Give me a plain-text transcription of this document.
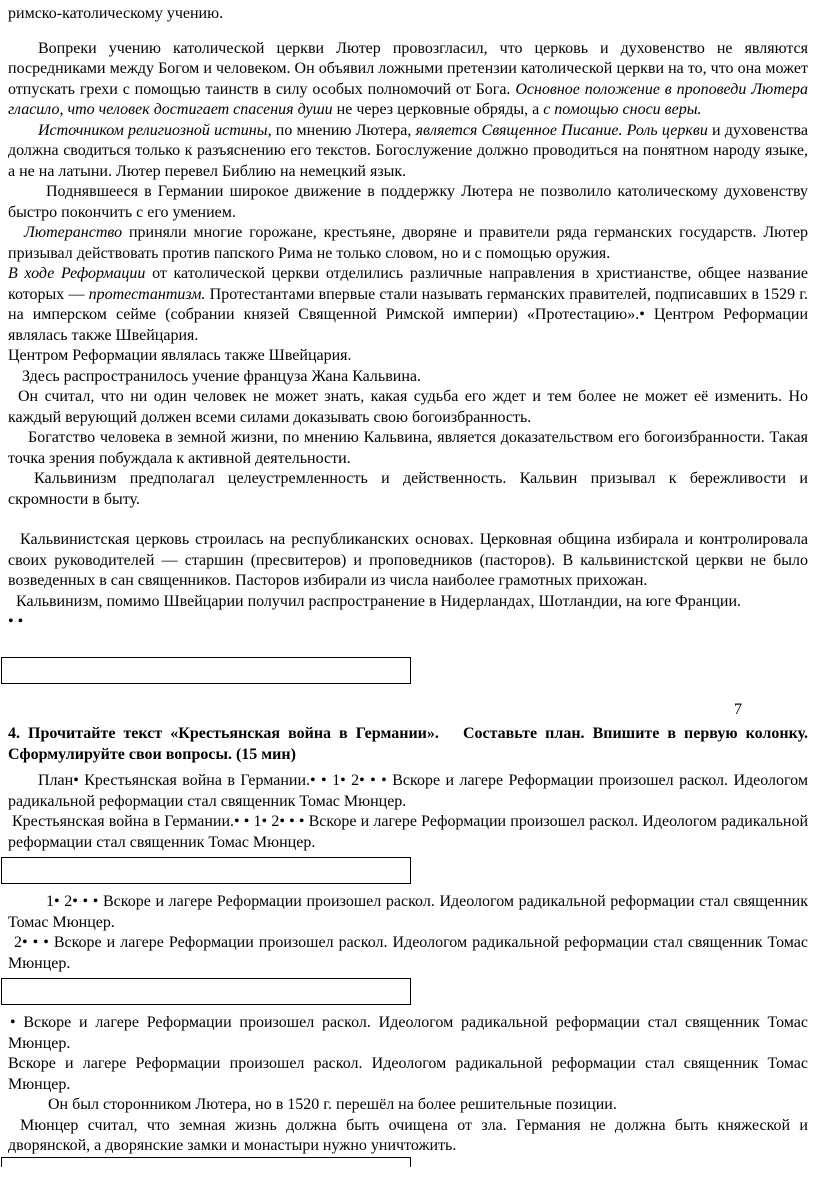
римско-католическому учению.
Вопреки учению католической церкви Лютер провозгласил, что церковь и духовенство не являются посредниками между Богом и человеком. Он объявил ложными претензии католической церкви на то, что она может отпускать грехи с помощью таинств в силу особых полномочий от Бога. Основное положение в проповеди Лютера гласило, что человек достигает спасения души не через церковные обряды, а с помощью сноси веры.
Источником религиозной истины, по мнению Лютера, является Священное Писание. Роль церкви и духовенства должна сводиться только к разъяснению его текстов. Богослужение должно проводиться на понятном народу языке, а не на латыни. Лютер перевел Библию на немецкий язык.
Поднявшееся в Германии широкое движение в поддержку Лютера не позволило католическому духовенству быстро покончить с его умением.
Лютеранство приняли многие горожане, крестьяне, дворяне и правители ряда германских государств. Лютер призывал действовать против папского Рима не только словом, но и с помощью оружия.
В ходе Реформации от католической церкви отделились различные направления в христианстве, общее название которых — протестантизм. Протестантами впервые стали называть германских правителей, подписавших в 1529 г. на имперском сейме (собрании князей Священной Римской империи) «Протестацию».• Центром Реформации являлась также Швейцария.
Центром Реформации являлась также Швейцария.
Здесь распространилось учение француза Жана Кальвина.
Он считал, что ни один человек не может знать, какая судьба его ждет и тем более не может её изменить. Но каждый верующий должен всеми силами доказывать свою богоизбранность.
Богатство человека в земной жизни, по мнению Кальвина, является доказательством его богоизбранности. Такая точка зрения побуждала к активной деятельности.
Кальвинизм предполагал целеустремленность и действенность. Кальвин призывал к бережливости и скромности в быту.
Кальвинистская церковь строилась на республиканских основах. Церковная община избирала и контролировала своих руководителей — старшин (пресвитеров) и проповедников (пасторов). В кальвинистской церкви не было возведенных в сан священников. Пасторов избирали из числа наиболее грамотных прихожан.
Кальвинизм, помимо Швейцарии получил распространение в Нидерландах, Шотландии, на юге Франции.
• •
7
4. Прочитайте текст «Крестьянская война в Германии».   Составьте план. Впишите в первую колонку. Сформулируйте свои вопросы. (15 мин)
План• Крестьянская война в Германии.• • 1• 2• • • Вскоре и лагере Реформации произошел раскол. Идеологом радикальной реформации стал священник Томас Мюнцер.
Крестьянская война в Германии.• • 1• 2• • • Вскоре и лагере Реформации произошел раскол. Идеологом радикальной реформации стал священник Томас Мюнцер.
1• 2• • • Вскоре и лагере Реформации произошел раскол. Идеологом радикальной реформации стал священник Томас Мюнцер.
2• • • Вскоре и лагере Реформации произошел раскол. Идеологом радикальной реформации стал священник Томас Мюнцер.
• Вскоре и лагере Реформации произошел раскол. Идеологом радикальной реформации стал священник Томас Мюнцер.
Вскоре и лагере Реформации произошел раскол. Идеологом радикальной реформации стал священник Томас Мюнцер.
Он был сторонником Лютера, но в 1520 г. перешёл на более решительные позиции.
Мюнцер считал, что земная жизнь должна быть очищена от зла. Германия не должна быть княжеской и дворянской, а дворянские замки и монастыри нужно уничтожить.
